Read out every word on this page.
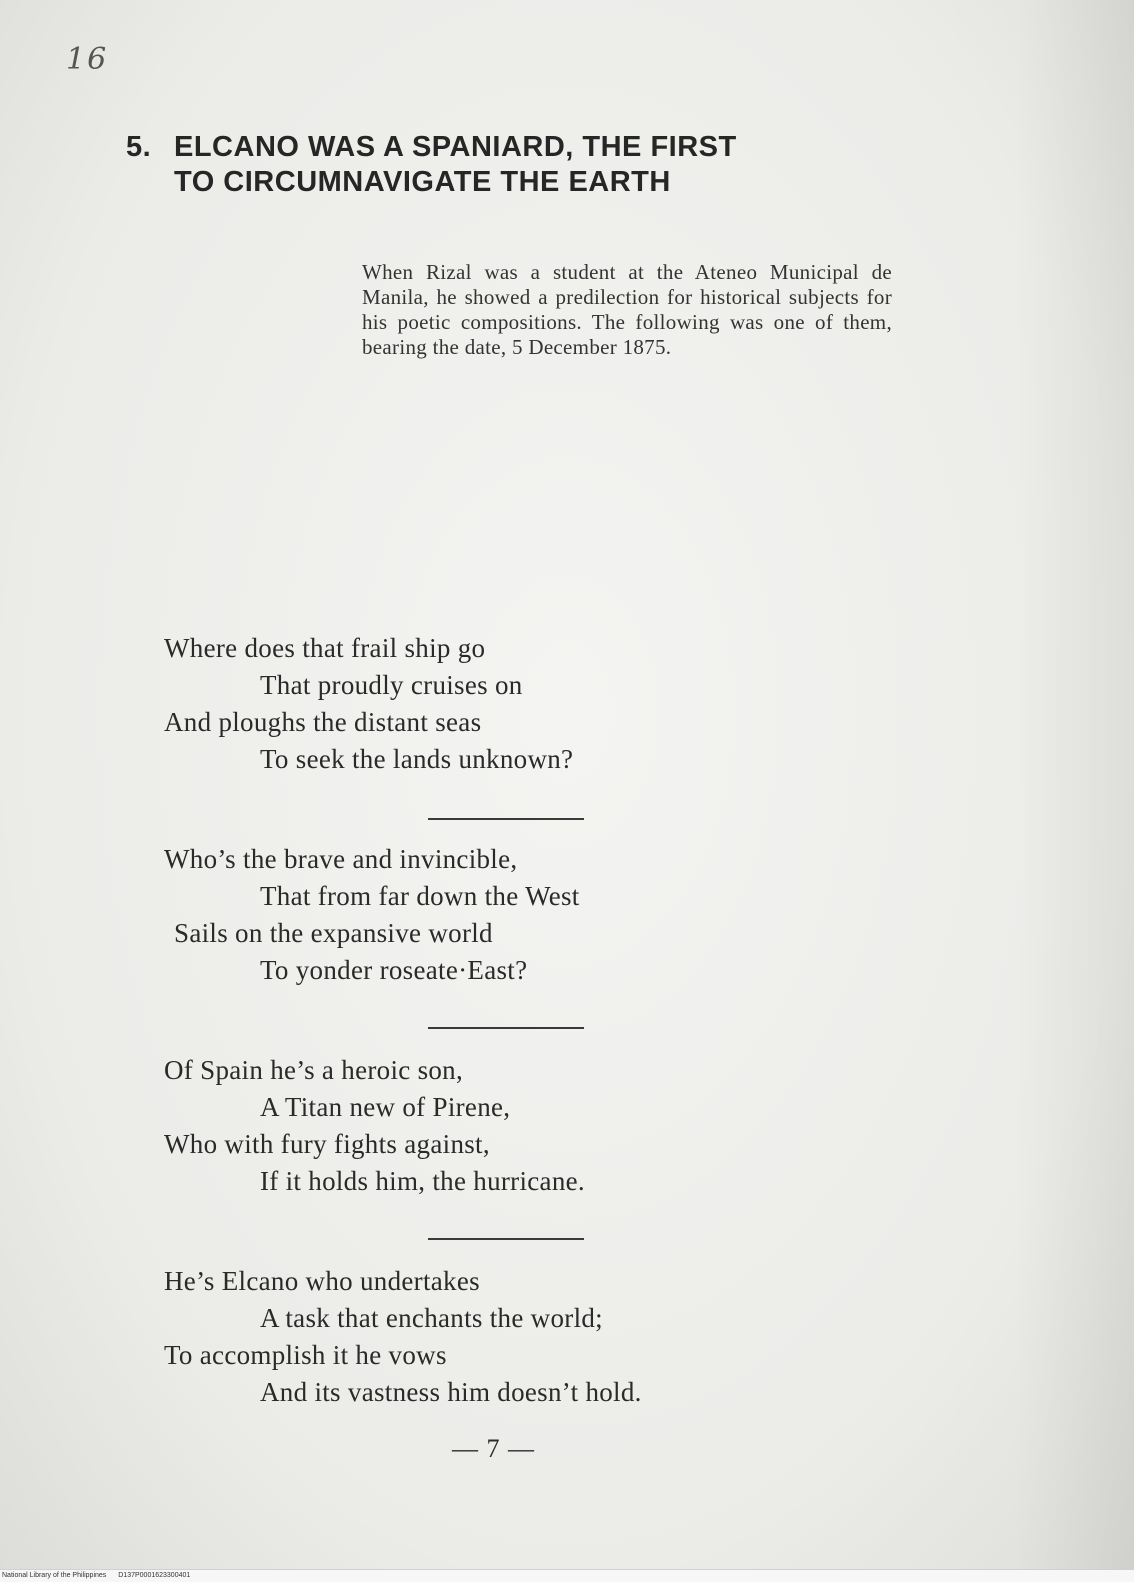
16
5. ELCANO WAS A SPANIARD, THE FIRST
TO CIRCUMNAVIGATE THE EARTH
When Rizal was a student at the Ateneo Municipal de Manila, he showed a predilection for historical subjects for his poetic compositions. The following was one of them, bearing the date, 5 December 1875.
Where does that frail ship go
That proudly cruises on
And ploughs the distant seas
To seek the lands unknown?
Who’s the brave and invincible,
That from far down the West
Sails on the expansive world
To yonder roseate·East?
Of Spain he’s a heroic son,
A Titan new of Pirene,
Who with fury fights against,
If it holds him, the hurricane.
He’s Elcano who undertakes
A task that enchants the world;
To accomplish it he vows
And its vastness him doesn’t hold.
— 7 —
National Library of the Philippines D137P0001623300401
